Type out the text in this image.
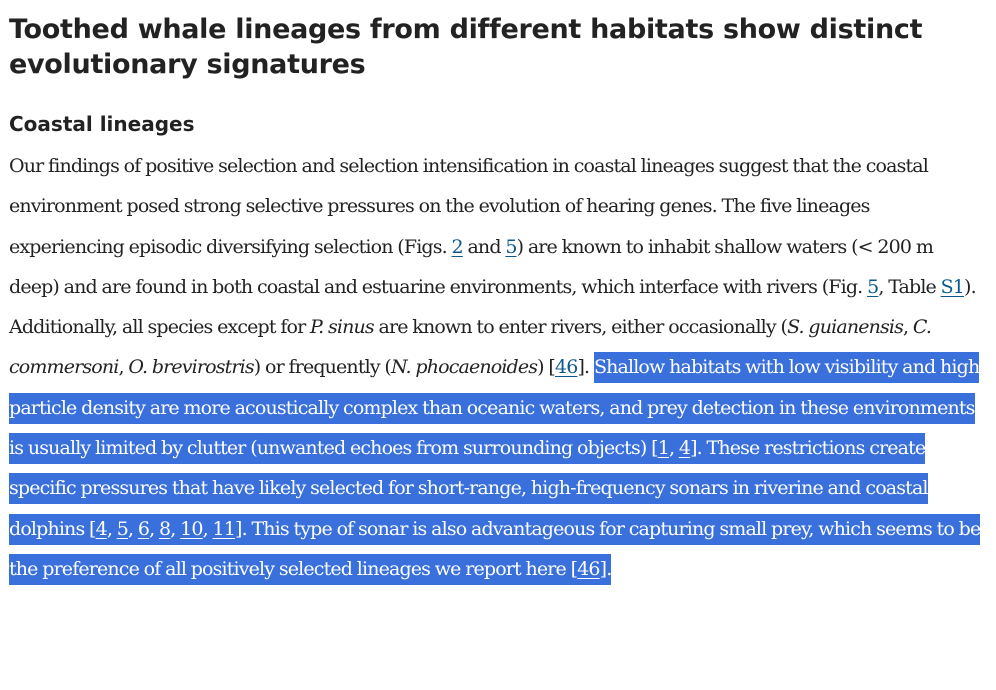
Toothed whale lineages from different habitats show distinct evolutionary signatures
Coastal lineages

Our findings of positive selection and selection intensification in coastal lineages suggest that the coastal environment posed strong selective pressures on the evolution of hearing genes. The five lineages experiencing episodic diversifying selection (Figs. 2 and 5) are known to inhabit shallow waters (< 200 m deep) and are found in both coastal and estuarine environments, which interface with rivers (Fig. 5, Table S1). Additionally, all species except for P. sinus are known to enter rivers, either occasionally (S. guianensis, C. commersoni, O. brevirostris) or frequently (N. phocaenoides) [46]. Shallow habitats with low visibility and high particle density are more acoustically complex than oceanic waters, and prey detection in these environments is usually limited by clutter (unwanted echoes from surrounding objects) [1, 4]. These restrictions create specific pressures that have likely selected for short-range, high-frequency sonars in riverine and coastal dolphins [4, 5, 6, 8, 10, 11]. This type of sonar is also advantageous for capturing small prey, which seems to be the preference of all positively selected lineages we report here [46].
